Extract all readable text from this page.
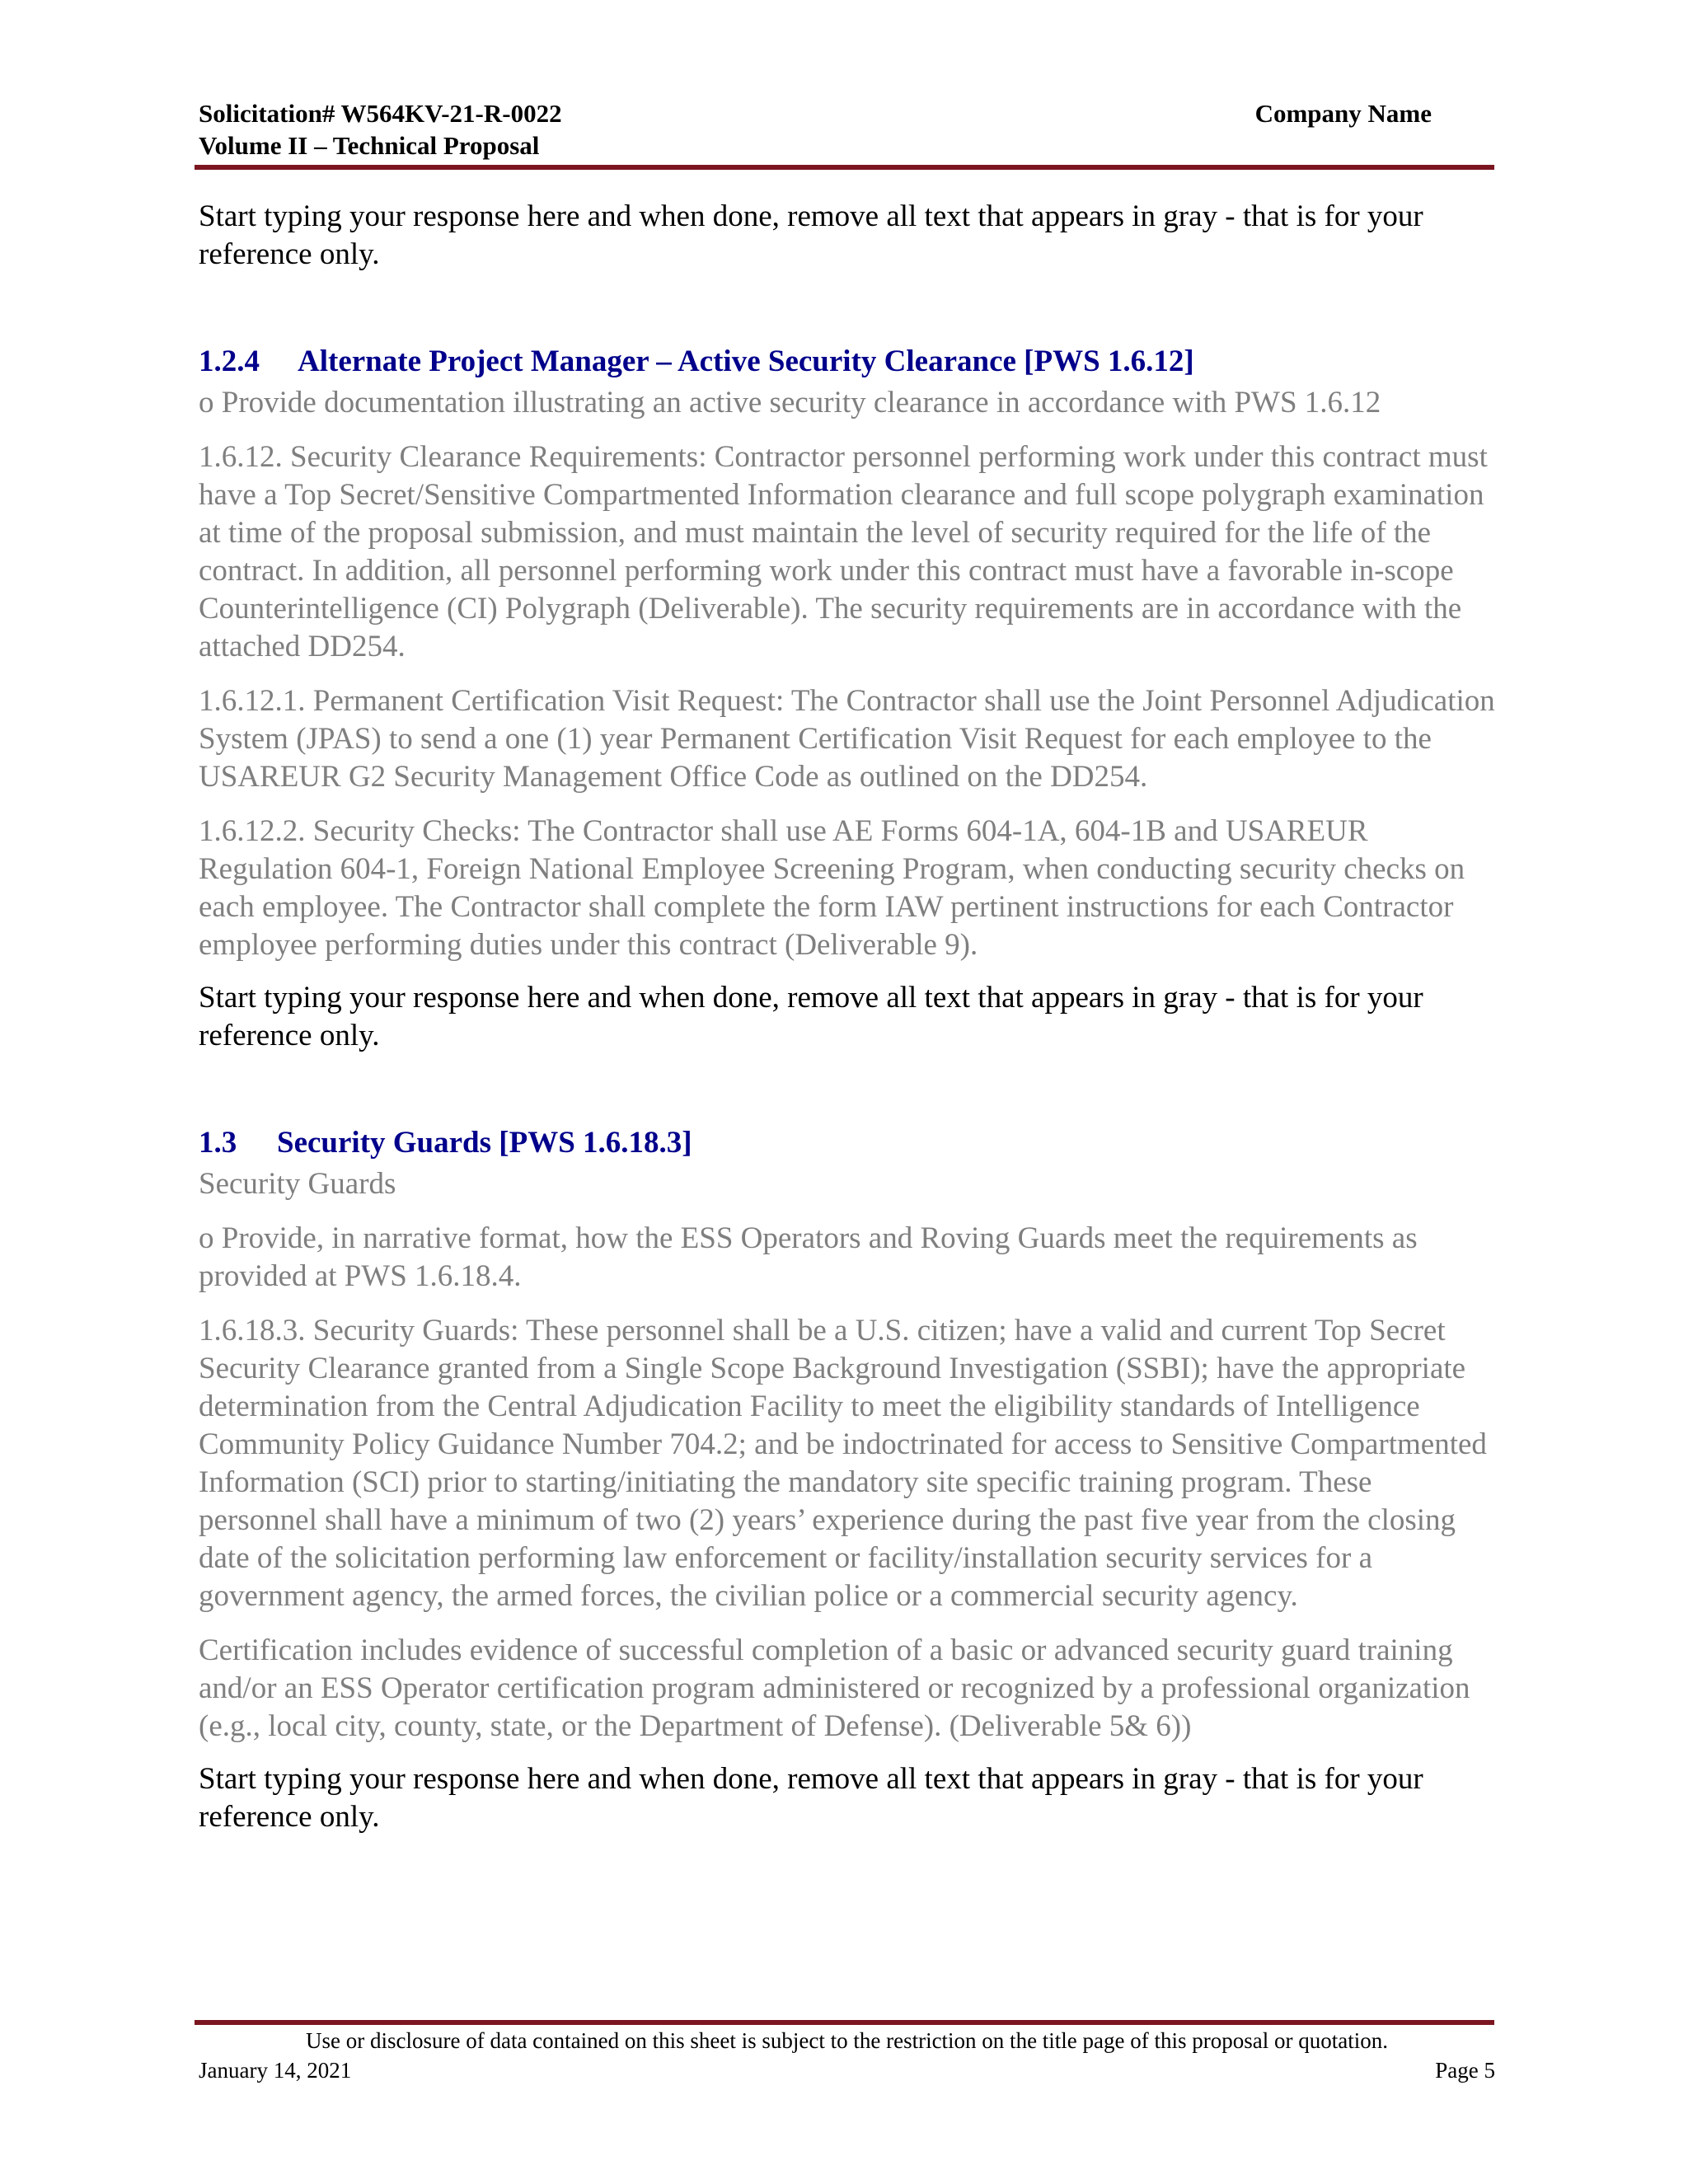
Solicitation# W564KV-21-R-0022	Company Name
Volume II – Technical Proposal

Start typing your response here and when done, remove all text that appears in gray - that is for your reference only.

1.2.4 Alternate Project Manager – Active Security Clearance [PWS 1.6.12]

o Provide documentation illustrating an active security clearance in accordance with PWS 1.6.12

1.6.12. Security Clearance Requirements: Contractor personnel performing work under this contract must have a Top Secret/Sensitive Compartmented Information clearance and full scope polygraph examination at time of the proposal submission, and must maintain the level of security required for the life of the contract. In addition, all personnel performing work under this contract must have a favorable in-scope Counterintelligence (CI) Polygraph (Deliverable). The security requirements are in accordance with the attached DD254.

1.6.12.1. Permanent Certification Visit Request: The Contractor shall use the Joint Personnel Adjudication System (JPAS) to send a one (1) year Permanent Certification Visit Request for each employee to the USAREUR G2 Security Management Office Code as outlined on the DD254.

1.6.12.2. Security Checks: The Contractor shall use AE Forms 604-1A, 604-1B and USAREUR Regulation 604-1, Foreign National Employee Screening Program, when conducting security checks on each employee. The Contractor shall complete the form IAW pertinent instructions for each Contractor employee performing duties under this contract (Deliverable 9).

Start typing your response here and when done, remove all text that appears in gray - that is for your reference only.

1.3 Security Guards [PWS 1.6.18.3]

Security Guards

o Provide, in narrative format, how the ESS Operators and Roving Guards meet the requirements as provided at PWS 1.6.18.4.

1.6.18.3. Security Guards: These personnel shall be a U.S. citizen; have a valid and current Top Secret Security Clearance granted from a Single Scope Background Investigation (SSBI); have the appropriate determination from the Central Adjudication Facility to meet the eligibility standards of Intelligence Community Policy Guidance Number 704.2; and be indoctrinated for access to Sensitive Compartmented Information (SCI) prior to starting/initiating the mandatory site specific training program. These personnel shall have a minimum of two (2) years’ experience during the past five year from the closing date of the solicitation performing law enforcement or facility/installation security services for a government agency, the armed forces, the civilian police or a commercial security agency.

Certification includes evidence of successful completion of a basic or advanced security guard training and/or an ESS Operator certification program administered or recognized by a professional organization (e.g., local city, county, state, or the Department of Defense). (Deliverable 5& 6))

Start typing your response here and when done, remove all text that appears in gray - that is for your reference only.

Use or disclosure of data contained on this sheet is subject to the restriction on the title page of this proposal or quotation.
January 14, 2021	Page 5
